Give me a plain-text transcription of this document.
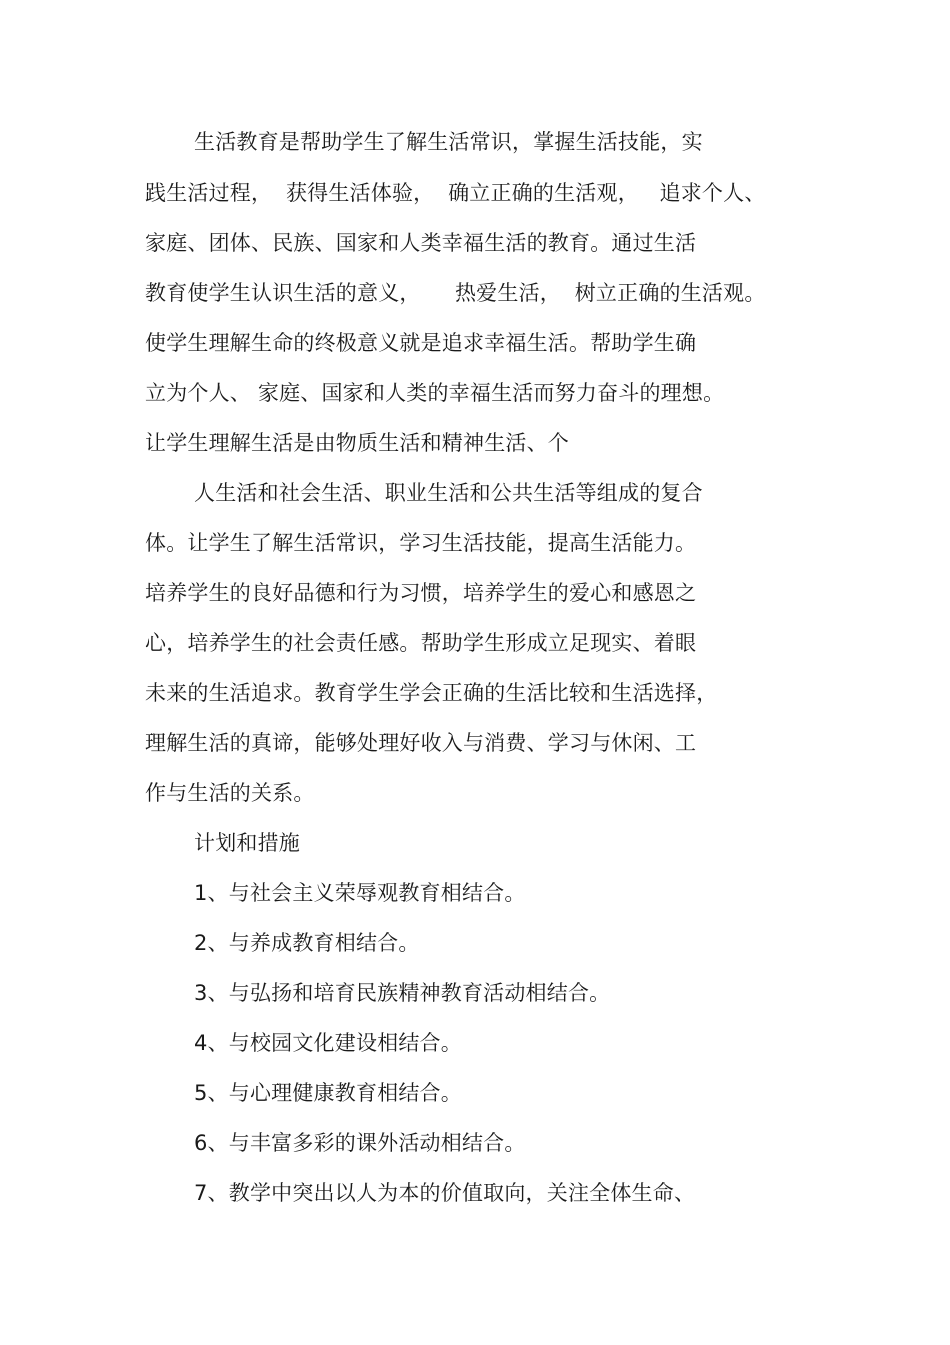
生活教育是帮助学生了解生活常识，掌握生活技能，实
践生活过程，  获得生活体验，  确立正确的生活观，   追求个人、
家庭、团体、民族、国家和人类幸福生活的教育。通过生活
教育使学生认识生活的意义，     热爱生活，  树立正确的生活观。
使学生理解生命的终极意义就是追求幸福生活。帮助学生确
立为个人、 家庭、国家和人类的幸福生活而努力奋斗的理想。
让学生理解生活是由物质生活和精神生活、个
人生活和社会生活、职业生活和公共生活等组成的复合
体。让学生了解生活常识，学习生活技能，提高生活能力。
培养学生的良好品德和行为习惯，培养学生的爱心和感恩之
心，培养学生的社会责任感。帮助学生形成立足现实、着眼
未来的生活追求。教育学生学会正确的生活比较和生活选择，
理解生活的真谛，能够处理好收入与消费、学习与休闲、工
作与生活的关系。
计划和措施
1、与社会主义荣辱观教育相结合。
2、与养成教育相结合。
3、与弘扬和培育民族精神教育活动相结合。
4、与校园文化建设相结合。
5、与心理健康教育相结合。
6、与丰富多彩的课外活动相结合。
7、教学中突出以人为本的价值取向，关注全体生命、
